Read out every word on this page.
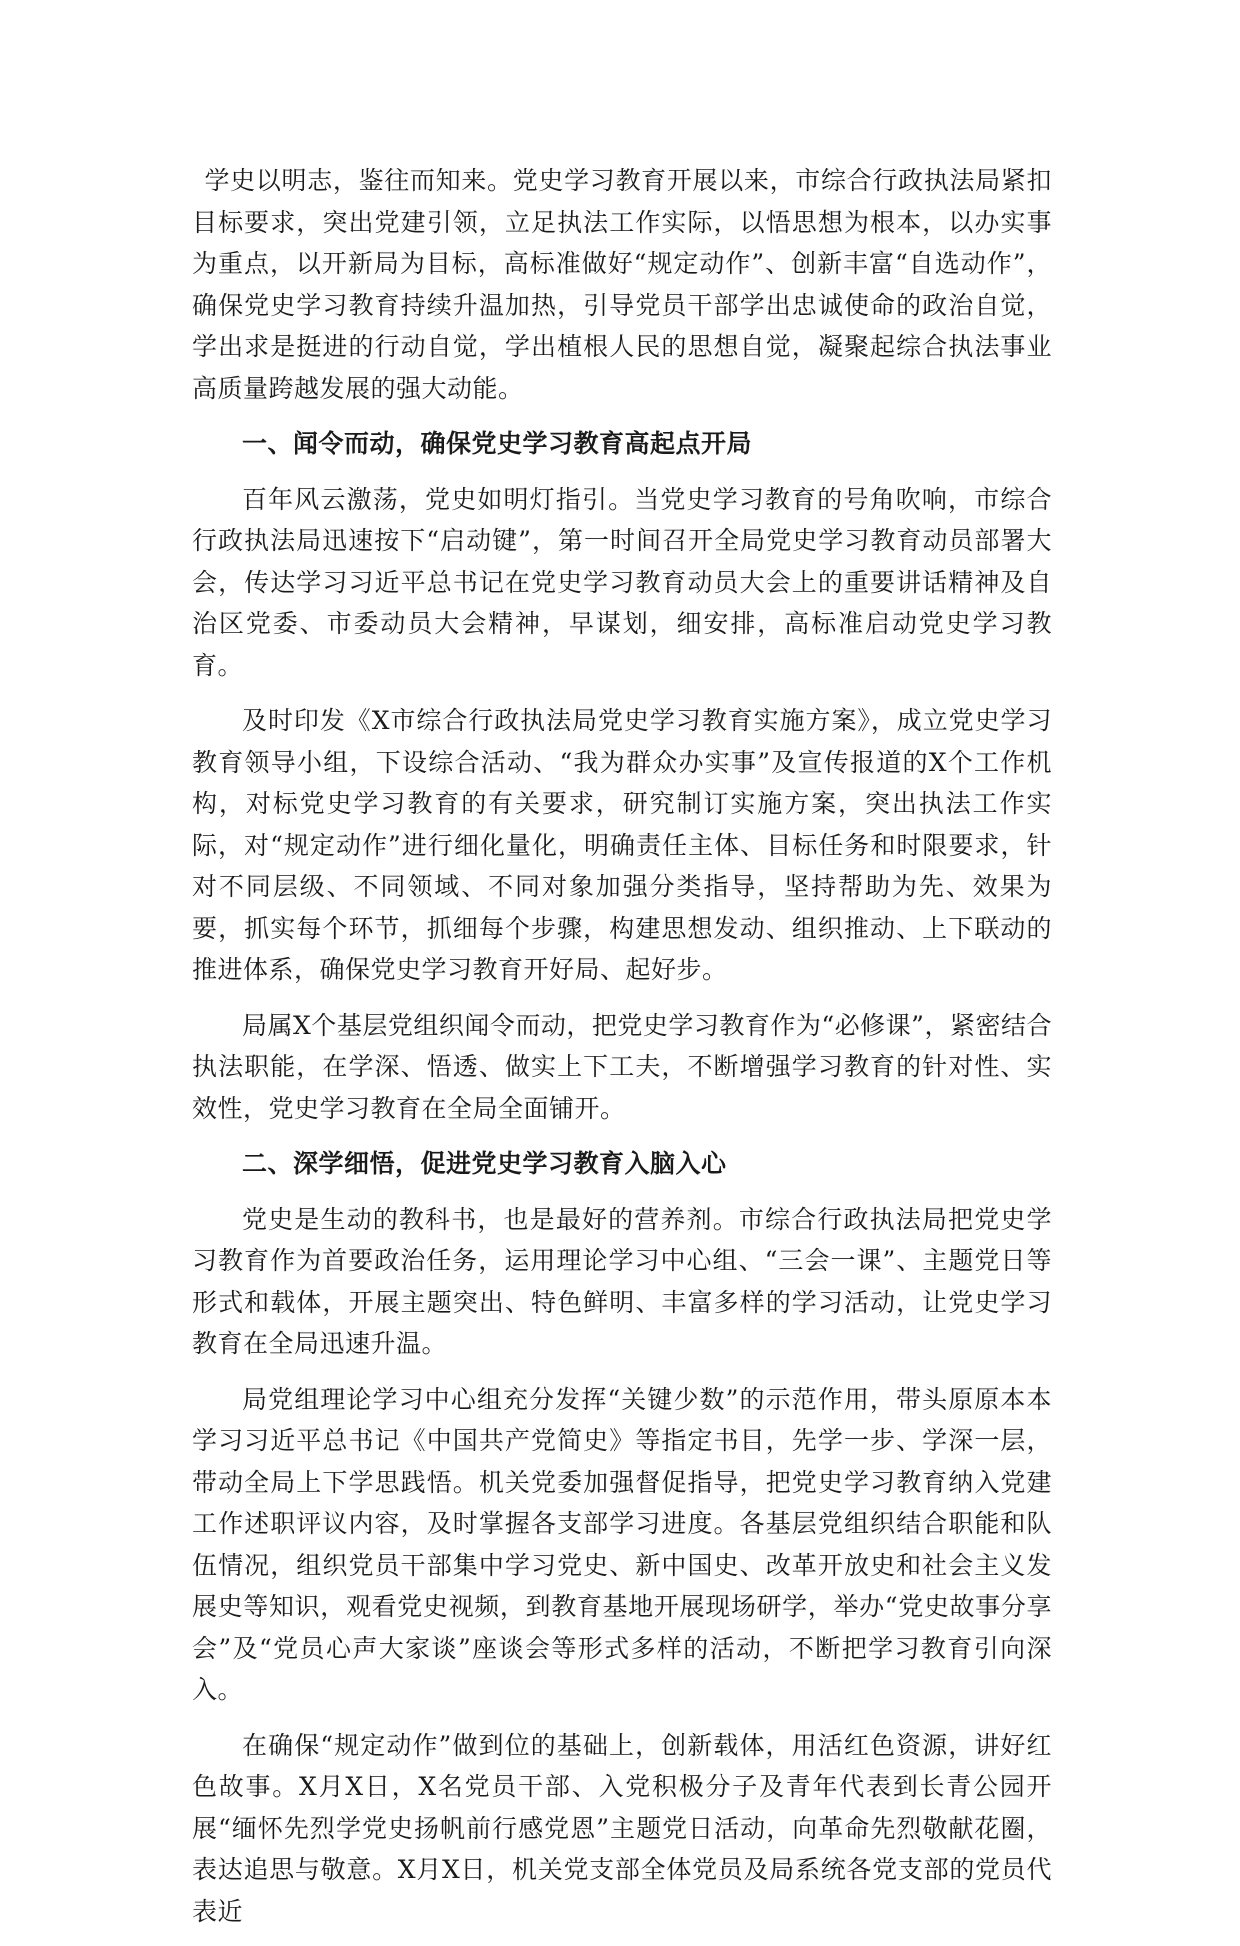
学史以明志，鉴往而知来。党史学习教育开展以来，市综合行政执法局紧扣目标要求，突出党建引领，立足执法工作实际，以悟思想为根本，以办实事为重点，以开新局为目标，高标准做好“规定动作”、创新丰富“自选动作”，确保党史学习教育持续升温加热，引导党员干部学出忠诚使命的政治自觉，学出求是挺进的行动自觉，学出植根人民的思想自觉，凝聚起综合执法事业高质量跨越发展的强大动能。

一、闻令而动，确保党史学习教育高起点开局

百年风云激荡，党史如明灯指引。当党史学习教育的号角吹响，市综合行政执法局迅速按下“启动键”，第一时间召开全局党史学习教育动员部署大会，传达学习习近平总书记在党史学习教育动员大会上的重要讲话精神及自治区党委、市委动员大会精神，早谋划，细安排，高标准启动党史学习教育。

及时印发《X市综合行政执法局党史学习教育实施方案》，成立党史学习教育领导小组，下设综合活动、“我为群众办实事”及宣传报道的X个工作机构，对标党史学习教育的有关要求，研究制订实施方案，突出执法工作实际，对“规定动作”进行细化量化，明确责任主体、目标任务和时限要求，针对不同层级、不同领域、不同对象加强分类指导，坚持帮助为先、效果为要，抓实每个环节，抓细每个步骤，构建思想发动、组织推动、上下联动的推进体系，确保党史学习教育开好局、起好步。

局属X个基层党组织闻令而动，把党史学习教育作为“必修课”，紧密结合执法职能，在学深、悟透、做实上下工夫，不断增强学习教育的针对性、实效性，党史学习教育在全局全面铺开。

二、深学细悟，促进党史学习教育入脑入心

党史是生动的教科书，也是最好的营养剂。市综合行政执法局把党史学习教育作为首要政治任务，运用理论学习中心组、“三会一课”、主题党日等形式和载体，开展主题突出、特色鲜明、丰富多样的学习活动，让党史学习教育在全局迅速升温。

局党组理论学习中心组充分发挥“关键少数”的示范作用，带头原原本本学习习近平总书记《中国共产党简史》等指定书目，先学一步、学深一层，带动全局上下学思践悟。机关党委加强督促指导，把党史学习教育纳入党建工作述职评议内容，及时掌握各支部学习进度。各基层党组织结合职能和队伍情况，组织党员干部集中学习党史、新中国史、改革开放史和社会主义发展史等知识，观看党史视频，到教育基地开展现场研学，举办“党史故事分享会”及“党员心声大家谈”座谈会等形式多样的活动，不断把学习教育引向深入。

在确保“规定动作”做到位的基础上，创新载体，用活红色资源，讲好红色故事。X月X日，X名党员干部、入党积极分子及青年代表到长青公园开展“缅怀先烈学党史扬帆前行感党恩”主题党日活动，向革命先烈敬献花圈，表达追思与敬意。X月X日，机关党支部全体党员及局系统各党支部的党员代表近
